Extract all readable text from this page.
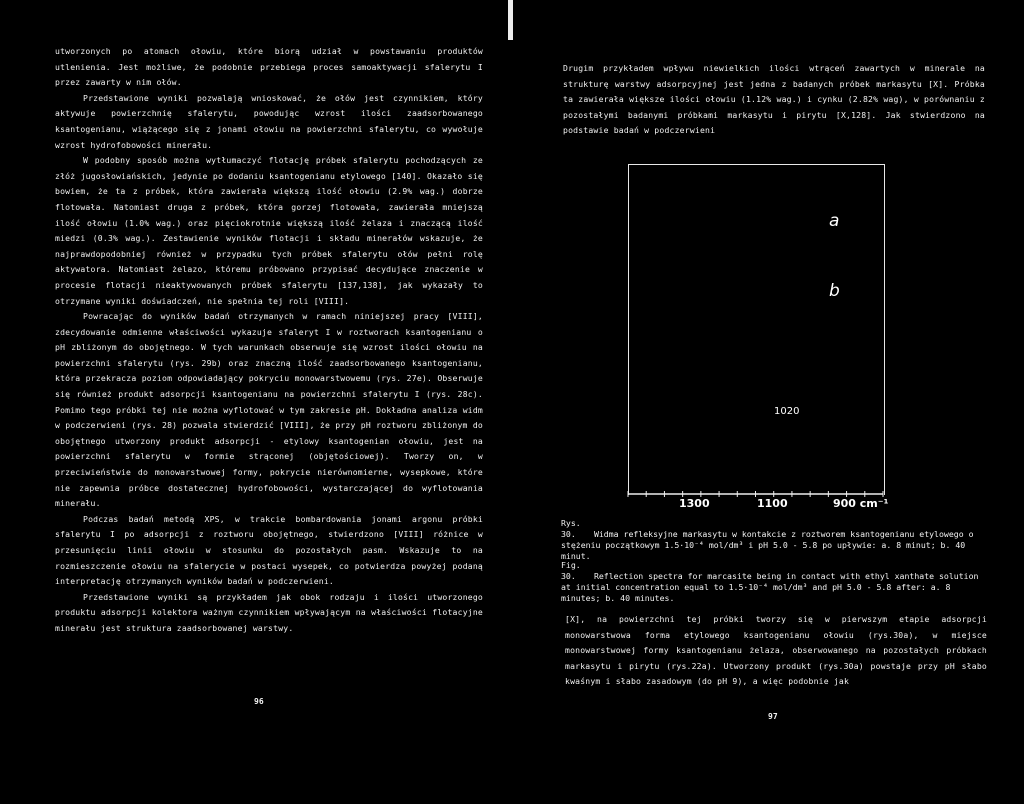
utworzonych po atomach ołowiu, które biorą udział w powstawaniu produktów utlenienia. Jest możliwe, że podobnie przebiega proces samoaktywacji sfalerytu I przez zawarty w nim ołów.

Przedstawione wyniki pozwalają wnioskować, że ołów jest czynnikiem, który aktywuje powierzchnię sfalerytu, powodując wzrost ilości zaadsorbowanego ksantogenianu, wiążącego się z jonami ołowiu na powierzchni sfalerytu, co wywołuje wzrost hydrofobowości minerału.

W podobny sposób można wytłumaczyć flotację próbek sfalerytu pochodzących ze złóż jugosłowiańskich, jedynie po dodaniu ksantogenianu etylowego [140]. Okazało się bowiem, że ta z próbek, która zawierała większą ilość ołowiu (2.9% wag.) dobrze flotowała. Natomiast druga z próbek, która gorzej flotowała, zawierała mniejszą ilość ołowiu (1.0% wag.) oraz pięciokrotnie większą ilość żelaza i znaczącą ilość miedzi (0.3% wag.). Zestawienie wyników flotacji i składu minerałów wskazuje, że najprawdopodobniej również w przypadku tych próbek sfalerytu ołów pełni rolę aktywatora. Natomiast żelazo, któremu próbowano przypisać decydujące znaczenie w procesie flotacji nieaktywowanych próbek sfalerytu [137,138], jak wykazały to otrzymane wyniki doświadczeń, nie spełnia tej roli [VIII].

Powracając do wyników badań otrzymanych w ramach niniejszej pracy [VIII], zdecydowanie odmienne właściwości wykazuje sfaleryt I w roztworach ksantogenianu o pH zbliżonym do obojętnego. W tych warunkach obserwuje się wzrost ilości ołowiu na powierzchni sfalerytu (rys. 29b) oraz znaczną ilość zaadsorbowanego ksantogenianu, która przekracza poziom odpowiadający pokryciu monowarstwowemu (rys. 27e). Obserwuje się również produkt adsorpcji ksantogenianu na powierzchni sfalerytu I (rys. 28c). Pomimo tego próbki tej nie można wyflotować w tym zakresie pH. Dokładna analiza widm w podczerwieni (rys. 28) pozwala stwierdzić [VIII], że przy pH roztworu zbliżonym do obojętnego utworzony produkt adsorpcji - etylowy ksantogenian ołowiu, jest na powierzchni sfalerytu w formie strąconej (objętościowej). Tworzy on, w przeciwieństwie do monowarstwowej formy, pokrycie nierównomierne, wysepkowe, które nie zapewnia próbce dostatecznej hydrofobowości, wystarczającej do wyflotowania minerału.

Podczas badań metodą XPS, w trakcie bombardowania jonami argonu próbki sfalerytu I po adsorpcji z roztworu obojętnego, stwierdzono [VIII] różnice w przesunięciu linii ołowiu w stosunku do pozostałych pasm. Wskazuje to na rozmieszczenie ołowiu na sfalerycie w postaci wysepek, co potwierdza powyżej podaną interpretację otrzymanych wyników badań w podczerwieni.

Przedstawione wyniki są przykładem jak obok rodzaju i ilości utworzonego produktu adsorpcji kolektora ważnym czynnikiem wpływającym na właściwości flotacyjne minerału jest struktura zaadsorbowanej warstwy.

96
Drugim przykładem wpływu niewielkich ilości wtrąceń zawartych w minerale na strukturę warstwy adsorpcyjnej jest jedna z badanych próbek markasytu [X]. Próbka ta zawierała większe ilości ołowiu (1.12% wag.) i cynku (2.82% wag), w porównaniu z pozostałymi badanymi próbkami markasytu i pirytu [X,128]. Jak stwierdzono na podstawie badań w podczerwieni
1300	1100	900 cm⁻¹
a
b
1020
Rys. 30. Widma refleksyjne markasytu w kontakcie z roztworem ksantogenianu etylowego o stężeniu początkowym 1.5·10⁻⁴ mol/dm³ i pH 5.0 - 5.8 po upływie: a. 8 minut; b. 40 minut.
Fig. 30. Reflection spectra for marcasite being in contact with ethyl xanthate solution at initial concentration equal to 1.5·10⁻⁴ mol/dm³ and pH 5.0 - 5.8 after: a. 8 minutes; b. 40 minutes.
[X], na powierzchni tej próbki tworzy się w pierwszym etapie adsorpcji monowarstwowa forma etylowego ksantogenianu ołowiu (rys.30a), w miejsce monowarstwowej formy ksantogenianu żelaza, obserwowanego na pozostałych próbkach markasytu i pirytu (rys.22a). Utworzony produkt (rys.30a) powstaje przy pH słabo kwaśnym i słabo zasadowym (do pH 9), a więc podobnie jak
97
